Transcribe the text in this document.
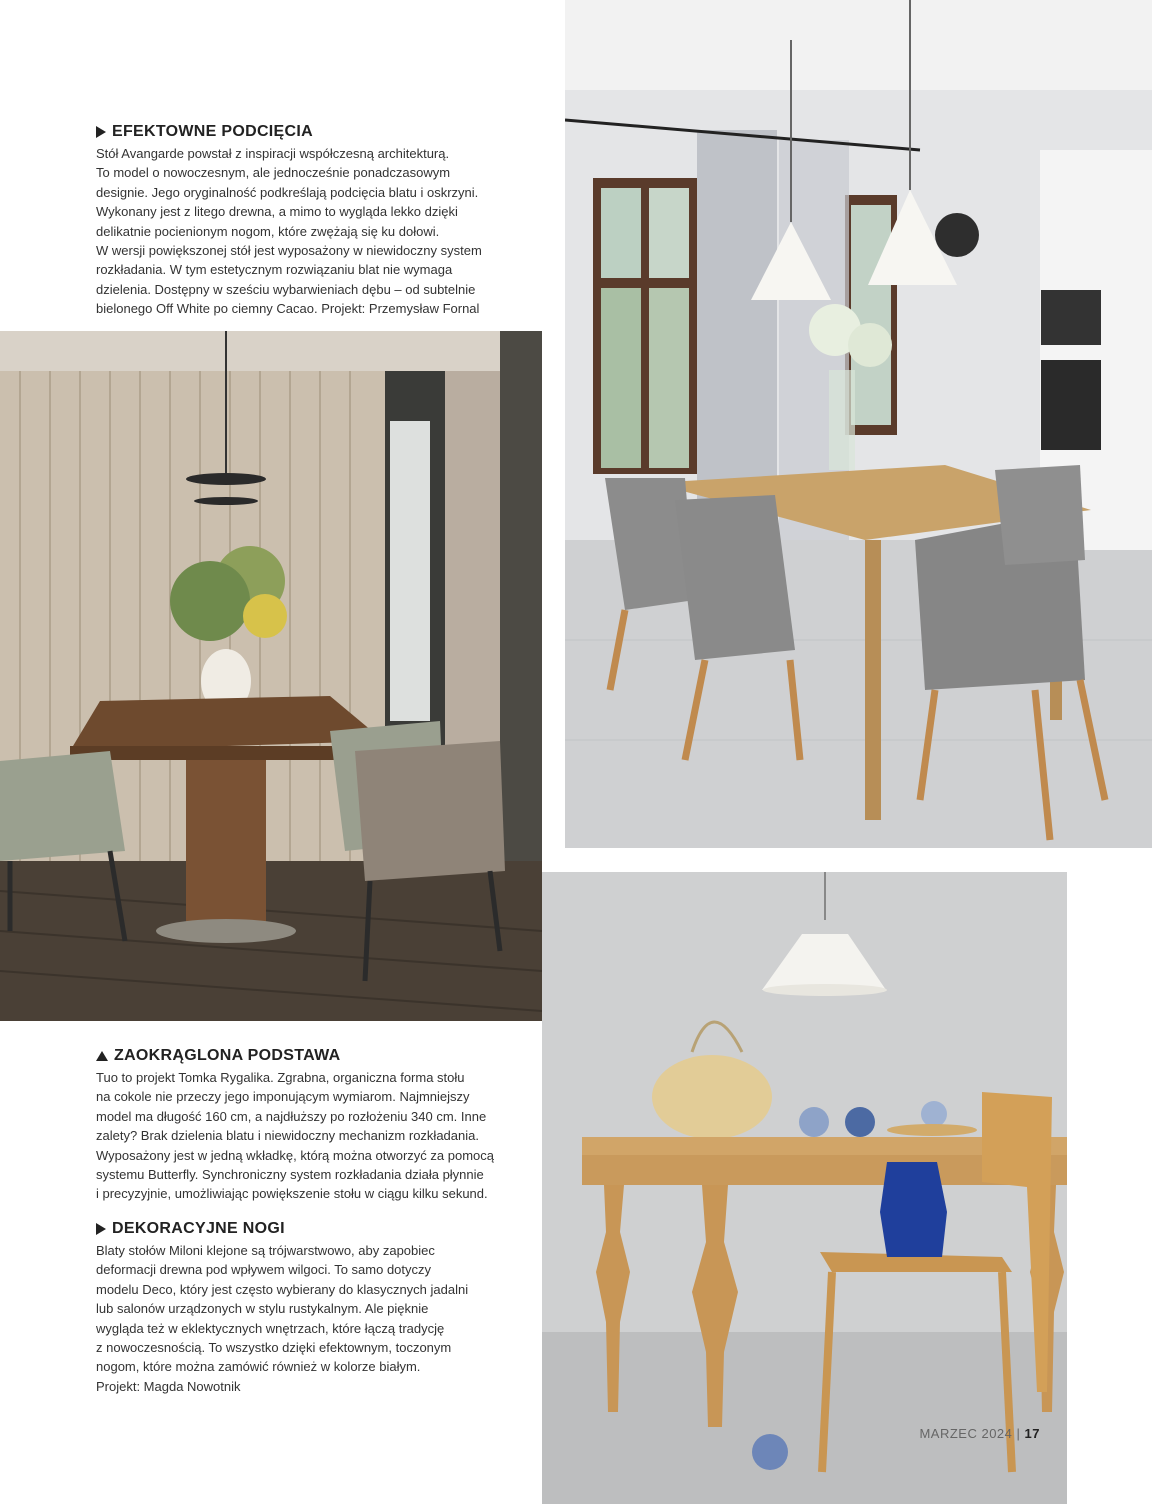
EFEKTOWNE PODCIĘCIA
Stół Avangarde powstał z inspiracji współczesną architekturą.
To model o nowoczesnym, ale jednocześnie ponadczasowym
designie. Jego oryginalność podkreślają podcięcia blatu i oskrzyni.
Wykonany jest z litego drewna, a mimo to wygląda lekko dzięki
delikatnie pocienionym nogom, które zwężają się ku dołowi.
W wersji powiększonej stół jest wyposażony w niewidoczny system
rozkładania. W tym estetycznym rozwiązaniu blat nie wymaga
dzielenia. Dostępny w sześciu wybarwieniach dębu – od subtelnie
bielonego Off White po ciemny Cacao. Projekt: Przemysław Fornal
ZAOKRĄGLONA PODSTAWA
Tuo to projekt Tomka Rygalika. Zgrabna, organiczna forma stołu
na cokole nie przeczy jego imponującym wymiarom. Najmniejszy
model ma długość 160 cm, a najdłuższy po rozłożeniu 340 cm. Inne
zalety? Brak dzielenia blatu i niewidoczny mechanizm rozkładania.
Wyposażony jest w jedną wkładkę, którą można otworzyć za pomocą
systemu Butterfly. Synchroniczny system rozkładania działa płynnie
i precyzyjnie, umożliwiając powiększenie stołu w ciągu kilku sekund.
DEKORACYJNE NOGI
Blaty stołów Miloni klejone są trójwarstwowo, aby zapobiec
deformacji drewna pod wpływem wilgoci. To samo dotyczy
modelu Deco, który jest często wybierany do klasycznych jadalni
lub salonów urządzonych w stylu rustykalnym. Ale pięknie
wygląda też w eklektycznych wnętrzach, które łączą tradycję
z nowoczesnością. To wszystko dzięki efektownym, toczonym
nogom, które można zamówić również w kolorze białym.
Projekt: Magda Nowotnik
MARZEC 2024 | 17
